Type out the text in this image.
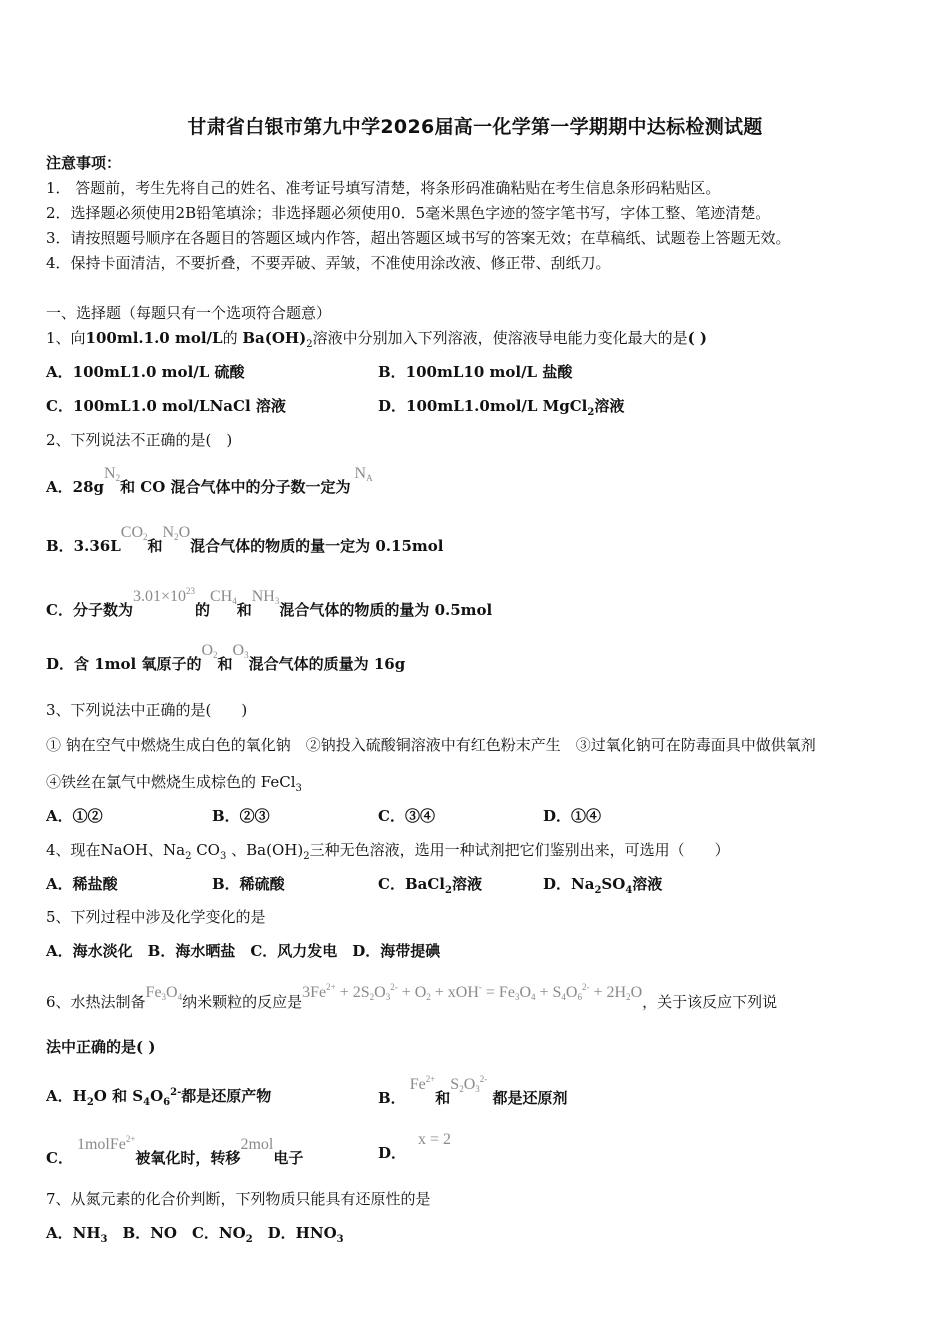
甘肃省白银市第九中学2026届高一化学第一学期期中达标检测试题
注意事项：
1． 答题前，考生先将自己的姓名、准考证号填写清楚，将条形码准确粘贴在考生信息条形码粘贴区。
2．选择题必须使用2B铅笔填涂；非选择题必须使用0．5毫米黑色字迹的签字笔书写，字体工整、笔迹清楚。
3．请按照题号顺序在各题目的答题区域内作答，超出答题区域书写的答案无效；在草稿纸、试题卷上答题无效。
4．保持卡面清洁，不要折叠，不要弄破、弄皱，不准使用涂改液、修正带、刮纸刀。
一、选择题（每题只有一个选项符合题意）
1、向100ml.1.0 mol/L的 $Ba(OH)_2$溶液中分别加入下列溶液，使溶液导电能力变化最大的是( )
A．100mL1.0 mol/L 硫酸	B．100mL10 mol/L 盐酸
C．100mL1.0 mol/LNaCl 溶液	D．100mL1.0mol/L MgCl$_2$溶液
2、下列说法不正确的是(　)
A．$28gN_2$和 CO 混合气体中的分子数一定为 $N_A$
B．$3.36LCO_2$和$N_2O$混合气体的物质的量一定为 0.15mol
C．分子数为$3.01\times 10^{23}$的$CH_4$和$NH_3$混合气体的物质的量为 0.5mol
D．含 1mol 氧原子的$O_2$和$O_3$混合气体的质量为 16g
3、下列说法中正确的是(　　)
① 钠在空气中燃烧生成白色的氧化钠　②钠投入硫酸铜溶液中有红色粉末产生　③过氧化钠可在防毒面具中做供氧剂
④铁丝在氯气中燃烧生成棕色的 FeCl$_3$
A．①②	B．②③	C．③④	D．①④
4、现在NaOH、$Na_2$ $CO_3$ 、$Ba(OH)_2$三种无色溶液，选用一种试剂把它们鉴别出来，可选用（　　）
A．稀盐酸	B．稀硫酸	C．BaCl$_2$溶液	D．$Na_2SO_4$溶液
5、下列过程中涉及化学变化的是
A．海水淡化　B．海水晒盐　C．风力发电　D．海带提碘
6、水热法制备$Fe_3O_4$纳米颗粒的反应是$3Fe^{2+} + 2S_2O_3^{2-} + O_2 + xOH^- = Fe_3O_4 + S_4O_6^{2-} + 2H_2O$，关于该反应下列说
法中正确的是( )
A．$H_2O$ 和 $S_4O_6^{2-}$都是还原产物	B． $Fe^{2+}$和$S_2O_3^{2-}$ 都是还原剂
C． 1molFe$^{2+}$被氧化时，转移2mol电子	D．x = 2
7、从氮元素的化合价判断，下列物质只能具有还原性的是
A．$NH_3$　 B．NO　C．$NO_2$　 D．$HNO_3$
